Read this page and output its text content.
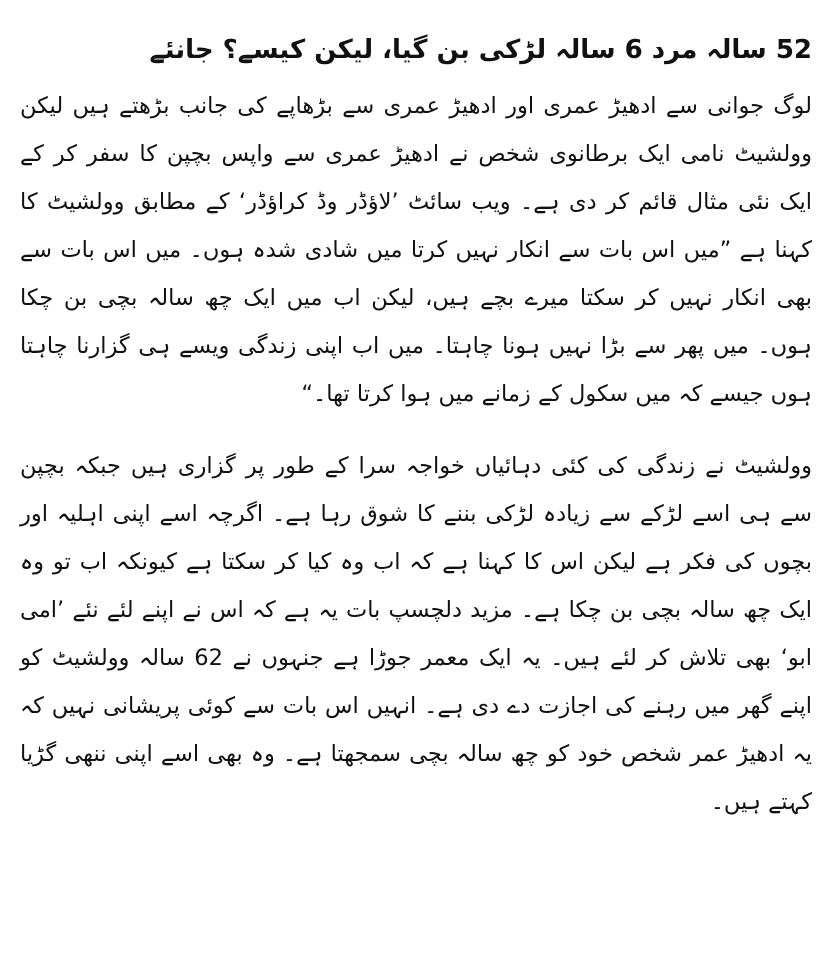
52 سالہ مرد 6 سالہ لڑکی بن گیا، لیکن کیسے؟ جانئے

لوگ جوانی سے ادھیڑ عمری اور ادھیڑ عمری سے بڑھاپے کی جانب بڑھتے ہیں لیکن وولشیٹ نامی ایک برطانوی شخص نے ادھیڑ عمری سے واپس بچپن کا سفر کر کے ایک نئی مثال قائم کر دی ہے۔ ویب سائٹ ’لاؤڈر وڈ کراؤڈر‘ کے مطابق وولشیٹ کا کہنا ہے ”میں اس بات سے انکار نہیں کرتا میں شادی شدہ ہوں۔ میں اس بات سے بھی انکار نہیں کر سکتا میرے بچے ہیں، لیکن اب میں ایک چھ سالہ بچی بن چکا ہوں۔ میں پھر سے بڑا نہیں ہونا چاہتا۔ میں اب اپنی زندگی ویسے ہی گزارنا چاہتا ہوں جیسے کہ میں سکول کے زمانے میں ہوا کرتا تھا۔“

وولشیٹ نے زندگی کی کئی دہائیاں خواجہ سرا کے طور پر گزاری ہیں جبکہ بچپن سے ہی اسے لڑکے سے زیادہ لڑکی بننے کا شوق رہا ہے۔ اگرچہ اسے اپنی اہلیہ اور بچوں کی فکر ہے لیکن اس کا کہنا ہے کہ اب وہ کیا کر سکتا ہے کیونکہ اب تو وہ ایک چھ سالہ بچی بن چکا ہے۔ مزید دلچسپ بات یہ ہے کہ اس نے اپنے لئے نئے ’امی ابو‘ بھی تلاش کر لئے ہیں۔ یہ ایک معمر جوڑا ہے جنہوں نے 62 سالہ وولشیٹ کو اپنے گھر میں رہنے کی اجازت دے دی ہے۔ انہیں اس بات سے کوئی پریشانی نہیں کہ یہ ادھیڑ عمر شخص خود کو چھ سالہ بچی سمجھتا ہے۔ وہ بھی اسے اپنی ننھی گڑیا کہتے ہیں۔
